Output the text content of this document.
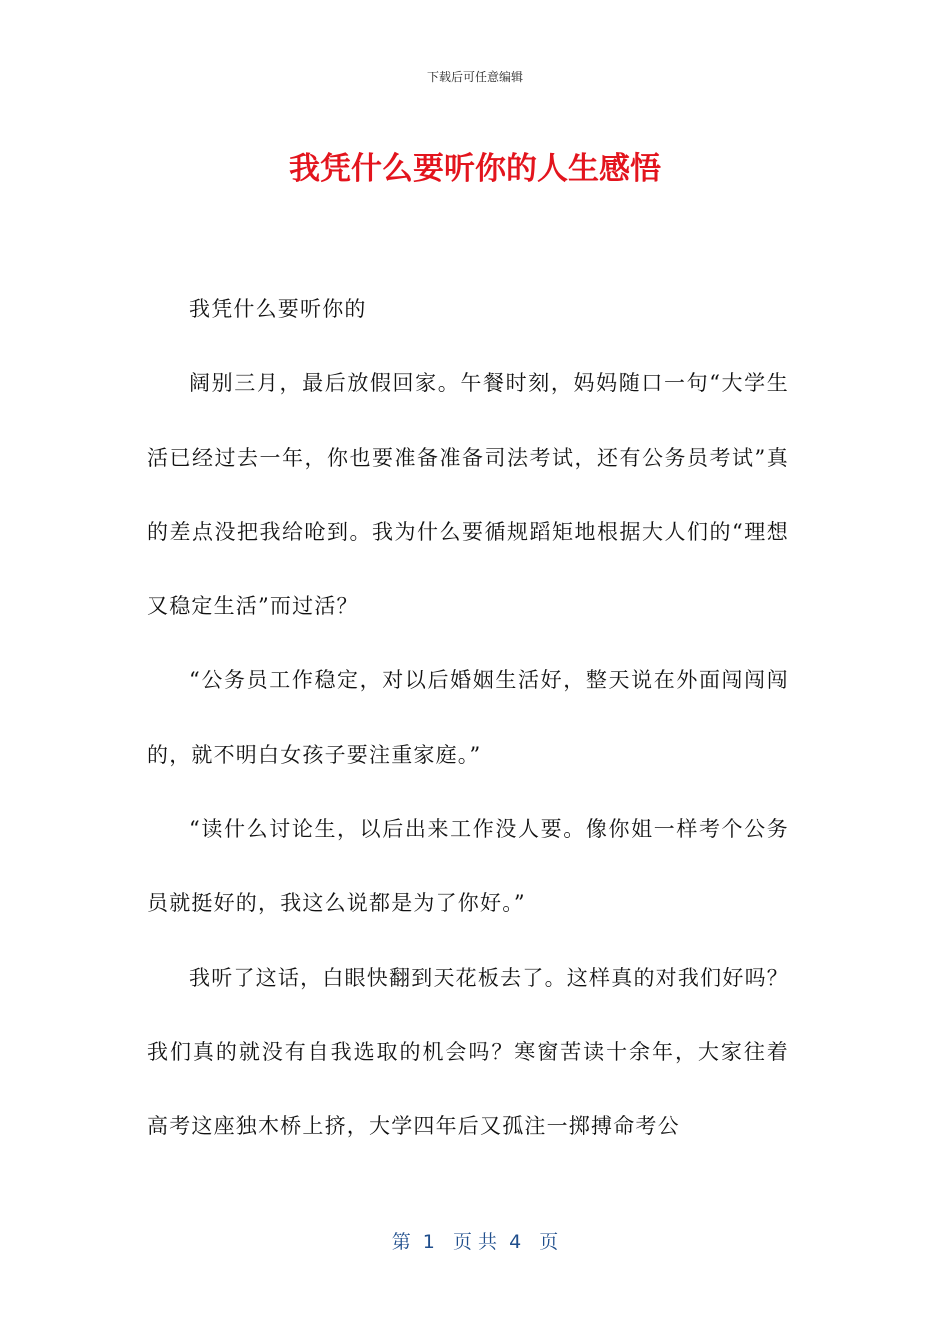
下载后可任意编辑
我凭什么要听你的人生感悟

我凭什么要听你的

阔别三月，最后放假回家。午餐时刻，妈妈随口一句“大学生活已经过去一年，你也要准备准备司法考试，还有公务员考试”真的差点没把我给呛到。我为什么要循规蹈矩地根据大人们的“理想又稳定生活”而过活？

“公务员工作稳定，对以后婚姻生活好，整天说在外面闯闯闯的，就不明白女孩子要注重家庭。”

“读什么讨论生，以后出来工作没人要。像你姐一样考个公务员就挺好的，我这么说都是为了你好。”

我听了这话，白眼快翻到天花板去了。这样真的对我们好吗？我们真的就没有自我选取的机会吗？寒窗苦读十余年，大家往着高考这座独木桥上挤，大学四年后又孤注一掷搏命考公

第  1   页 共  4   页
